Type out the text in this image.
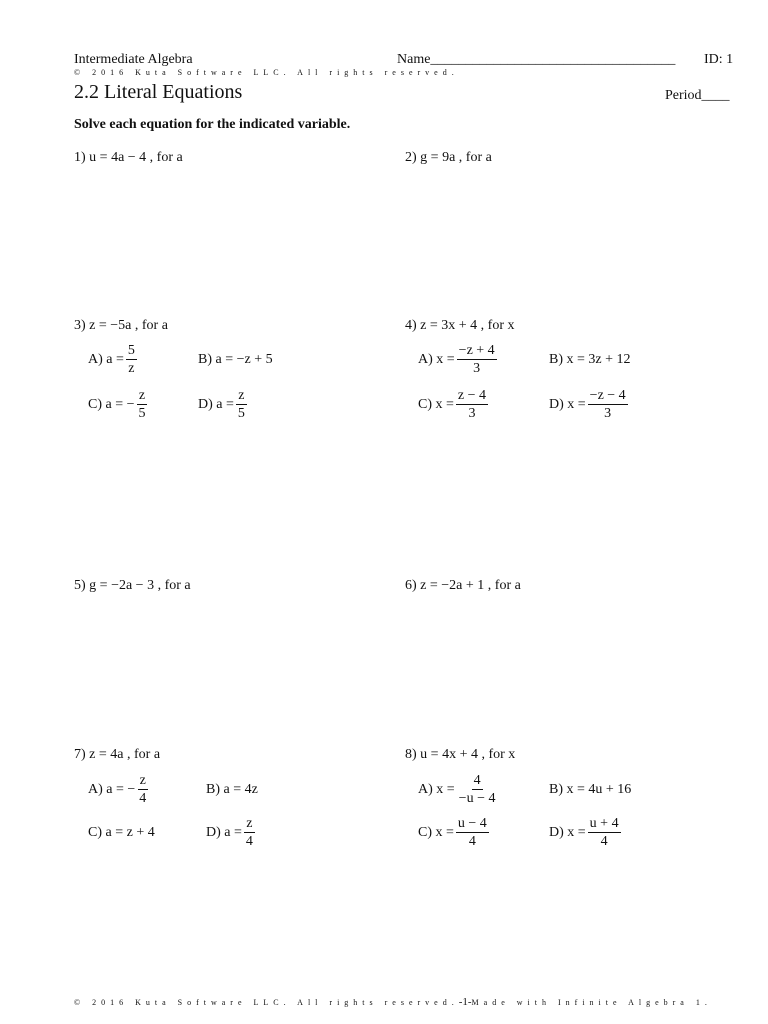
Intermediate Algebra	Name___________________________________ ID: 1
© 2016 Kuta Software LLC. All rights reserved.
2.2 Literal Equations	Period____
Solve each equation for the indicated variable.
1) u = 4a − 4 , for a	2) g = 9a , for a
3) z = −5a , for a
A) $a = \frac{5}{z}$	B) a = −z + 5
C) a = − $\frac{z}{5}$	D) $a = \frac{z}{5}$
4) z = 3x + 4 , for x
A) $x = \frac{-z + 4}{3}$	B) x = 3z + 12
C) $x = \frac{z - 4}{3}$	D) $x = \frac{-z - 4}{3}$
5) g = −2a − 3 , for a	6) z = −2a + 1 , for a
7) z = 4a , for a
A) a = − $\frac{z}{4}$	B) a = 4z
C) a = z + 4	D) $a = \frac{z}{4}$
8) u = 4x + 4 , for x
A) $x = \frac{4}{-u - 4}$	B) x = 4u + 16
C) $x = \frac{u - 4}{4}$	D) $x = \frac{u + 4}{4}$
© 2016 Kuta Software LLC. All rights reserved.-1-Made with Infinite Algebra 1.
